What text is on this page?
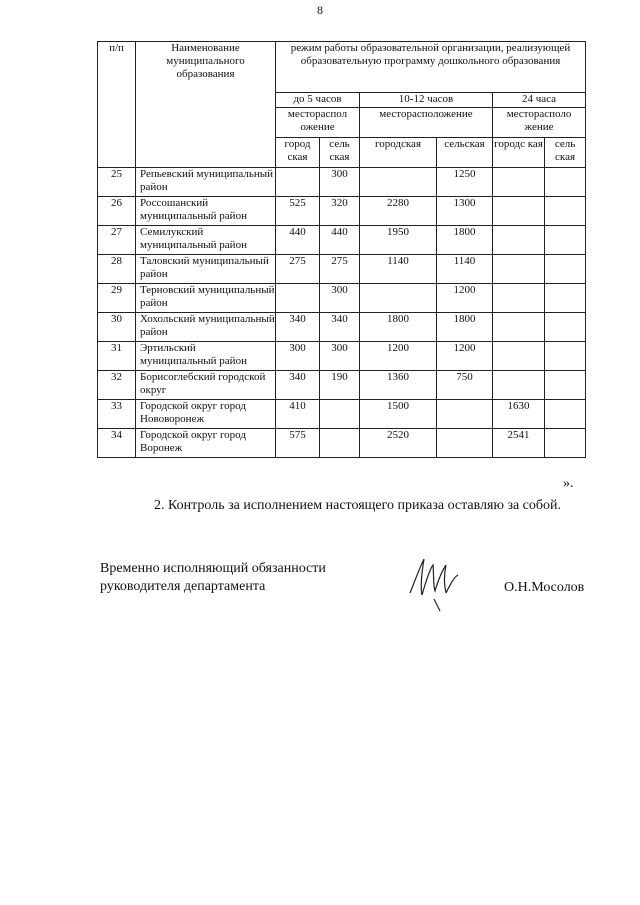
8
п/п	Наименование муниципального образования	режим работы образовательной организации, реализующей образовательную программу дошкольного образования					
		до 5 часов		10-12 часов		24 часа	
		местораспол ожение		месторасположение		месторасполо жение	
		город ская	сель ская	городская	сельская	городс кая	сель ская
25	Репьевский муниципальный район		300		1250		
26	Россошанский муниципальный район	525	320	2280	1300		
27	Семилукский муниципальный район	440	440	1950	1800		
28	Таловский муниципальный район	275	275	1140	1140		
29	Терновский муниципальный район		300		1200		
30	Хохольский муниципальный район	340	340	1800	1800		
31	Эртильский муниципальный район	300	300	1200	1200		
32	Борисоглебский городской округ	340	190	1360	750		
33	Городской округ город Нововоронеж	410		1500		1630	
34	Городской округ город Воронеж	575		2520		2541	
».
2. Контроль за исполнением настоящего приказа оставляю за собой.
Временно исполняющий обязанности
руководителя департамента	О.Н.Мосолов
